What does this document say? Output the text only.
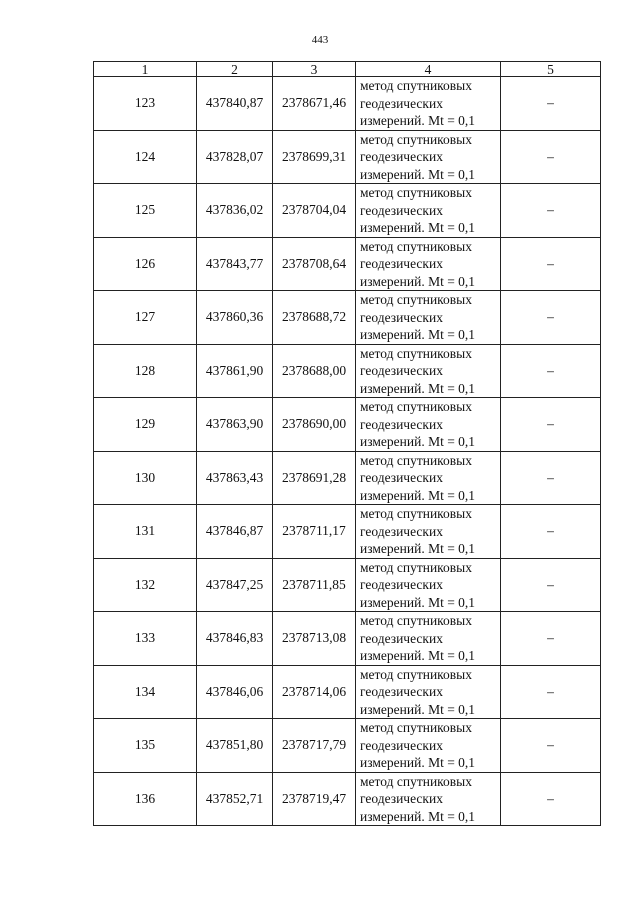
443
1	2	3	4	5
123	437840,87	2378671,46	метод спутниковых
геодезических
измерений. Mt = 0,1	–
124	437828,07	2378699,31	метод спутниковых
геодезических
измерений. Mt = 0,1	–
125	437836,02	2378704,04	метод спутниковых
геодезических
измерений. Mt = 0,1	–
126	437843,77	2378708,64	метод спутниковых
геодезических
измерений. Mt = 0,1	–
127	437860,36	2378688,72	метод спутниковых
геодезических
измерений. Mt = 0,1	–
128	437861,90	2378688,00	метод спутниковых
геодезических
измерений. Mt = 0,1	–
129	437863,90	2378690,00	метод спутниковых
геодезических
измерений. Mt = 0,1	–
130	437863,43	2378691,28	метод спутниковых
геодезических
измерений. Mt = 0,1	–
131	437846,87	2378711,17	метод спутниковых
геодезических
измерений. Mt = 0,1	–
132	437847,25	2378711,85	метод спутниковых
геодезических
измерений. Mt = 0,1	–
133	437846,83	2378713,08	метод спутниковых
геодезических
измерений. Mt = 0,1	–
134	437846,06	2378714,06	метод спутниковых
геодезических
измерений. Mt = 0,1	–
135	437851,80	2378717,79	метод спутниковых
геодезических
измерений. Mt = 0,1	–
136	437852,71	2378719,47	метод спутниковых
геодезических
измерений. Mt = 0,1	–
